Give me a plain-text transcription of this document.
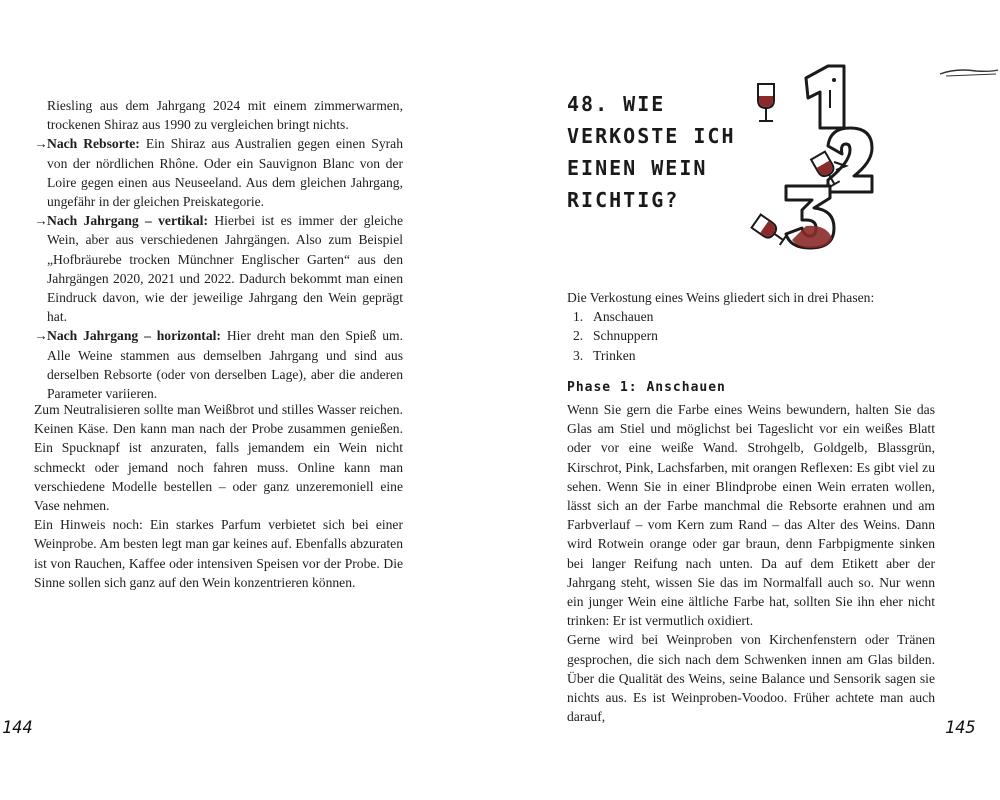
Riesling aus dem Jahrgang 2024 mit einem zimmerwarmen, trockenen Shiraz aus 1990 zu vergleichen bringt nichts.

→ Nach Rebsorte: Ein Shiraz aus Australien gegen einen Syrah von der nördlichen Rhône. Oder ein Sauvignon Blanc von der Loire gegen einen aus Neuseeland. Aus dem gleichen Jahrgang, ungefähr in der gleichen Preiskategorie.
→ Nach Jahrgang – vertikal: Hierbei ist es immer der gleiche Wein, aber aus verschiedenen Jahrgängen. Also zum Beispiel „Hofbräurebe trocken Münchner Englischer Garten“ aus den Jahrgängen 2020, 2021 und 2022. Dadurch bekommt man einen Eindruck davon, wie der jeweilige Jahrgang den Wein geprägt hat.
→ Nach Jahrgang – horizontal: Hier dreht man den Spieß um. Alle Weine stammen aus demselben Jahrgang und sind aus derselben Rebsorte (oder von derselben Lage), aber die anderen Parameter variieren.

Zum Neutralisieren sollte man Weißbrot und stilles Wasser reichen. Keinen Käse. Den kann man nach der Probe zusammen genießen. Ein Spucknapf ist anzuraten, falls jemandem ein Wein nicht schmeckt oder jemand noch fahren muss. Online kann man verschiedene Modelle bestellen – oder ganz unzeremoniell eine Vase nehmen.

Ein Hinweis noch: Ein starkes Parfum verbietet sich bei einer Weinprobe. Am besten legt man gar keines auf. Ebenfalls abzuraten ist von Rauchen, Kaffee oder intensiven Speisen vor der Probe. Die Sinne sollen sich ganz auf den Wein konzentrieren können.

144
48. WIE
VERKOSTE ICH
EINEN WEIN
RICHTIG?

Die Verkostung eines Weins gliedert sich in drei Phasen:

1. Anschauen
2. Schnuppern
3. Trinken
Phase 1: Anschauen

Wenn Sie gern die Farbe eines Weins bewundern, halten Sie das Glas am Stiel und möglichst bei Tageslicht vor ein weißes Blatt oder vor eine weiße Wand. Strohgelb, Goldgelb, Blassgrün, Kirschrot, Pink, Lachsfarben, mit orangen Reflexen: Es gibt viel zu sehen. Wenn Sie in einer Blindprobe einen Wein erraten wollen, lässt sich an der Farbe manchmal die Rebsorte erahnen und am Farbverlauf – vom Kern zum Rand – das Alter des Weins. Dann wird Rotwein orange oder gar braun, denn Farbpigmente sinken bei langer Reifung nach unten. Da auf dem Etikett aber der Jahrgang steht, wissen Sie das im Normalfall auch so. Nur wenn ein junger Wein eine ältliche Farbe hat, sollten Sie ihn eher nicht trinken: Er ist vermutlich oxidiert.

Gerne wird bei Weinproben von Kirchenfenstern oder Tränen gesprochen, die sich nach dem Schwenken innen am Glas bilden. Über die Qualität des Weins, seine Balance und Sensorik sagen sie nichts aus. Es ist Weinproben-Voodoo. Früher achtete man auch darauf,

145
